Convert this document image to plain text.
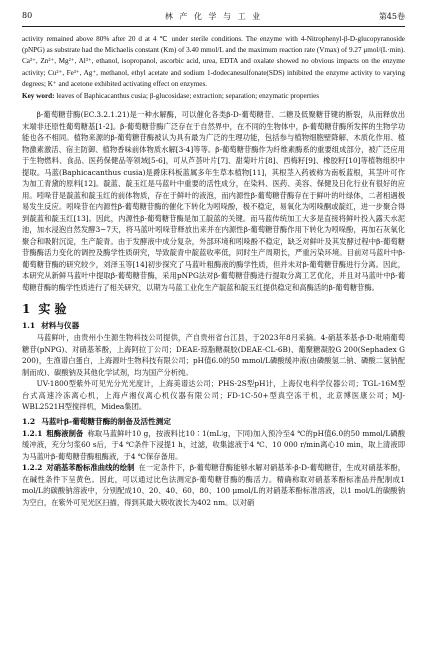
80	林 产 化 学 与 工 业	第45卷

activity remained above 80% after 20 d at 4 ℃ under sterile conditions. The enzyme with 4-Nitrophenyl-β-D-glucopyranoside (pNPG) as substrate had the Michaelis constant (Km) of 3.40 mmol/L and the maximum reaction rate (Vmax) of 9.27 μmol/(L·min). Ca²⁺, Zn²⁺, Mg²⁺, Al³⁺, ethanol, isopropanol, ascorbic acid, urea, EDTA and oxalate showed no obvious impacts on the enzyme activity; Cu²⁺, Fe³⁺, Ag⁺, methanol, ethyl acetate and sodium 1-dodecanesulfonate(SDS) inhibited the enzyme activity to varying degrees; K⁺ and acetone exhibited activating effect on enzymes.

Key word: leaves of Baphicacanthus cusia; β-glucosidase; extraction; separation; enzymatic properties

β-葡萄糖苷酶(EC.3.2.1.21)是一种水解酶，可以催化各类β-D-葡萄糖苷、二糖及低聚糖苷键的断裂，从而释放出末端非还原性葡萄糖基[1-2]。β-葡萄糖苷酶广泛存在于自然界中，在不同的生物体中，β-葡萄糖苷酶所发挥的生物学功能也各不相同。植物来源的β-葡萄糖苷酶被认为具有最为广泛的生理功能，包括参与植物细胞壁降解、木质化作用、植物激素激活、宿主防御、植物香味前体物质水解[3-4]等等。β-葡萄糖苷酶作为纤维素酶系的重要组成部分，被广泛应用于生物燃料、食品、医药保健品等领域[5-6]，可从芦荟叶片[7]、甜菊叶片[8]、西梅籽[9]、橡胶籽[10]等植物组织中提取。马蓝(Baphicacanthus cusia)是爵床科板蓝属多年生草本植物[11]，其根茎入药被称为南板蓝根，其茎叶可作为加工青黛的原料[12]。靛蓝、靛玉红是马蓝叶中重要的活性成分，在染料、医药、美容、保健及日化行业有很好的应用。吲哚苷是靛蓝和靛玉红的前体物质，存在于鲜叶的液泡，而内源性β-葡萄糖苷酶存在于鲜叶的叶绿体，二者相遇极易发生反应。吲哚苷在内源性β-葡萄糖苷酶的催化下转化为吲哚酚，极不稳定，易氧化为吲哚酮或靛红，进一步聚合得到靛蓝和靛玉红[13]。因此，内源性β-葡萄糖苷酶是加工靛蓝的关键。而马蓝传统加工大多是直接将鲜叶投入露天水泥池，加水浸泡自然发酵3~7天，将马蓝叶吲哚苷释放出来并在内源性β-葡萄糖苷酶作用下转化为吲哚酚，再加石灰氧化聚合和吸附沉淀，生产靛青。由于发酵液中成分复杂，外部环境和吲哚酚不稳定，缺乏对鲜叶及其发酵过程中β-葡萄糖苷酶酶活力变化的调控及酶学性质研究，导致靛青中靛蓝收率低，同时生产周期长，严重污染环境。目前对马蓝叶中β-葡萄糖苷酶的研究较少，刘泽玉等[14]初步探究了马蓝叶粗酶液的酶学性质，但并未对β-葡萄糖苷酶进行分离。因此，本研究从新鲜马蓝叶中提取β-葡萄糖苷酶，采用pNPG法对β-葡萄糖苷酶进行提取分离工艺优化，并且对马蓝叶中β-葡萄糖苷酶的酶学性质进行了相关研究，以期为马蓝工业化生产靛蓝和靛玉红提供稳定和高酶活的β-葡萄糖苷酶。

1 实 验
1.1 材料与仪器

马蓝鲜叶，由贵州小生源生物科技公司提供，产自贵州省台江县，于2023年8月采摘。4-硝基苯基-β-D-吡喃葡萄糖苷(pNPG)、对硝基苯酚，上海阿拉丁公司；DEAE-琼脂糖凝胶(DEAE-CL-6B)、葡聚糖凝胶G 200(Sephadex G 200)，生渔谱白蛋白，上海源叶生物科技有限公司；pH值6.0的50 mmol/L磷酸缓冲液(由磷酸氢二钠、磷酸二氢钠配制而成)、碳酸钠及其他化学试剂，均为国产分析纯。

UV-1800型紫外可见光分光光度计，上海美谱达公司；PHS-2S型pH计，上海仪电科学仪器公司；TGL-16M型台式高速冷冻离心机，上海卢湘仪离心机仪器有限公司；FD-1C-50+型真空冻干机，北京博医康公司；MJ-WBL2521H型搅拌机，Midea集团。

1.2 马蓝叶β-葡萄糖苷酶的制备及活性测定

1.2.1 粗酶液制备 称取马蓝鲜叶10 g，按液料比10∶1(mL∶g，下同)加入预冷至4 ℃的pH值6.0的50 mmol/L磷酸缓冲液，充分匀浆60 s后，于4 ℃条件下浸提1 h，过滤，收集滤液于4 ℃、10 000 r/min离心10 min，取上清液即为马蓝叶β-葡萄糖苷酶粗酶液，于4 ℃保存备用。

1.2.2 对硝基苯酚标准曲线的绘制 在一定条件下，β-葡萄糖苷酶能够水解对硝基苯-β-D-葡萄糖苷，生成对硝基苯酚，在碱性条件下呈黄色。因此，可以通过比色法测定β-葡萄糖苷酶的酶活力。精确称取对硝基苯酚标准品并配制成1 mol/L的碳酸钠溶液中，分别配成10、20、40、60、80、100 μmol/L的对硝基苯酚标准溶液，以1 mol/L的碳酸钠为空白，在紫外可见光区扫描，得到其最大吸收波长为402 nm。以对硝
